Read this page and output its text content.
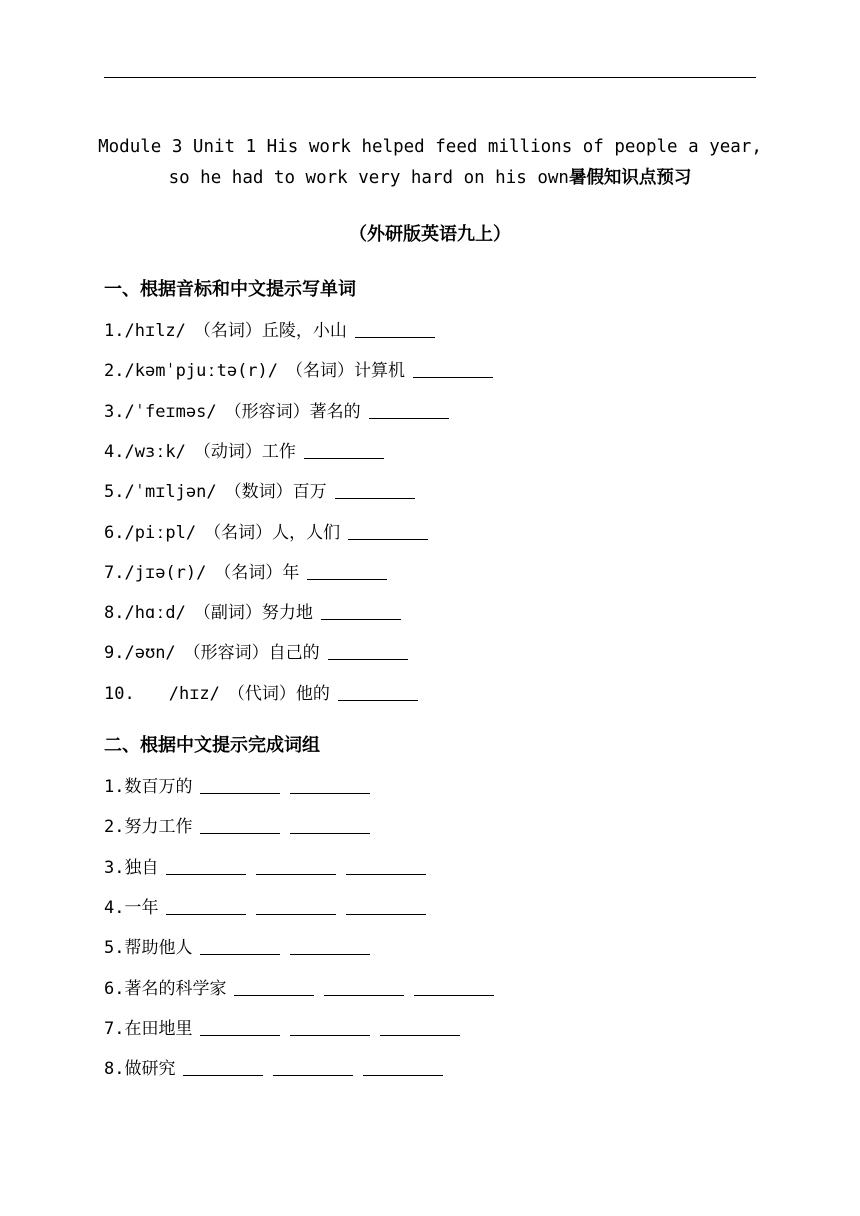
Module 3 Unit 1 His work helped feed millions of people a year,
so he had to work very hard on his own暑假知识点预习
（外研版英语九上）
一、根据音标和中文提示写单词
1./hɪlz/ （名词）丘陵，小山
2./kəmˈpjuːtə(r)/ （名词）计算机
3./ˈfeɪməs/ （形容词）著名的
4./wɜːk/ （动词）工作
5./ˈmɪljən/ （数词）百万
6./piːpl/ （名词）人，人们
7./jɪə(r)/ （名词）年
8./hɑːd/ （副词）努力地
9./əʊn/ （形容词）自己的
10. /hɪz/ （代词）他的
二、根据中文提示完成词组
1.数百万的
2.努力工作
3.独自
4.一年
5.帮助他人
6.著名的科学家
7.在田地里
8.做研究
